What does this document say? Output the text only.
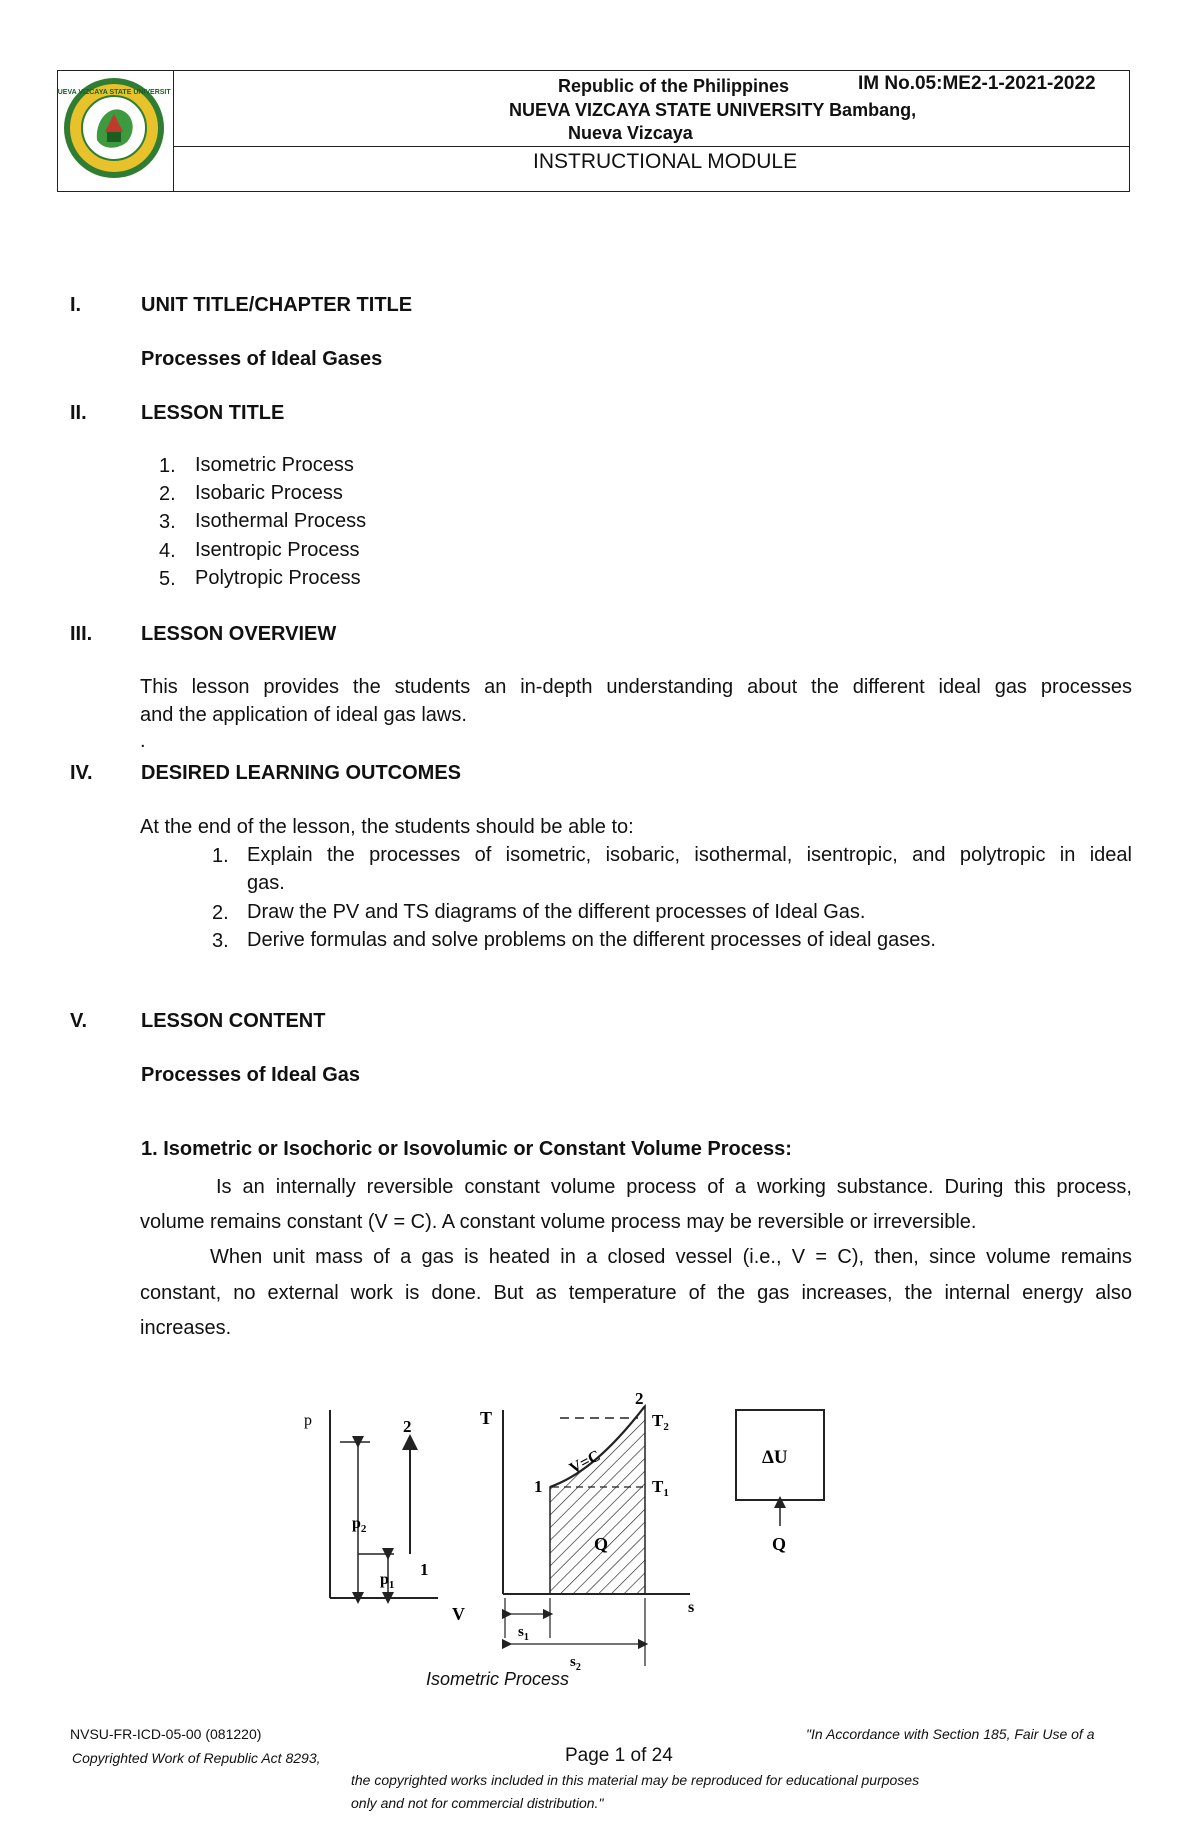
NUEVA VIZCAYA STATE UNIVERSITY	Republic of the Philippines	IM No.05:ME2-1-2021-2022
NUEVA VIZCAYA STATE UNIVERSITY Bambang,
Nueva Vizcaya
INSTRUCTIONAL MODULE
I.	UNIT TITLE/CHAPTER TITLE
Processes of Ideal Gases
II.	LESSON TITLE
1. Isometric Process
2. Isobaric Process
3. Isothermal Process
4. Isentropic Process
5. Polytropic Process
III. LESSON OVERVIEW
This lesson provides the students an in-depth understanding about the different ideal gas processes
and the application of ideal gas laws.
.
IV. DESIRED LEARNING OUTCOMES
At the end of the lesson, the students should be able to:
1. Explain the processes of isometric, isobaric, isothermal, isentropic, and polytropic in ideal
gas.
2. Draw the PV and TS diagrams of the different processes of Ideal Gas.
3. Derive formulas and solve problems on the different processes of ideal gases.
V.	LESSON CONTENT
Processes of Ideal Gas
1. Isometric or Isochoric or Isovolumic or Constant Volume Process:
Is an internally reversible constant volume process of a working substance. During this process,
volume remains constant (V = C). A constant volume process may be reversible or irreversible.
When unit mass of a gas is heated in a closed vessel (i.e., V = C), then, since volume remains
constant, no external work is done. But as temperature of the gas increases, the internal energy also
increases.
p
V
$p_2$
$p_1$
1
2	T
s
$T_2$
$T_1$
1
2
V=C
Q
$s_1$
$s_2$
ΔU
Q
Isometric Process
NVSU-FR-ICD-05-00 (081220)	"In Accordance with Section 185, Fair Use of a
Copyrighted Work of Republic Act 8293,	Page 1 of 24
the copyrighted works included in this material may be reproduced for educational purposes
only and not for commercial distribution."
